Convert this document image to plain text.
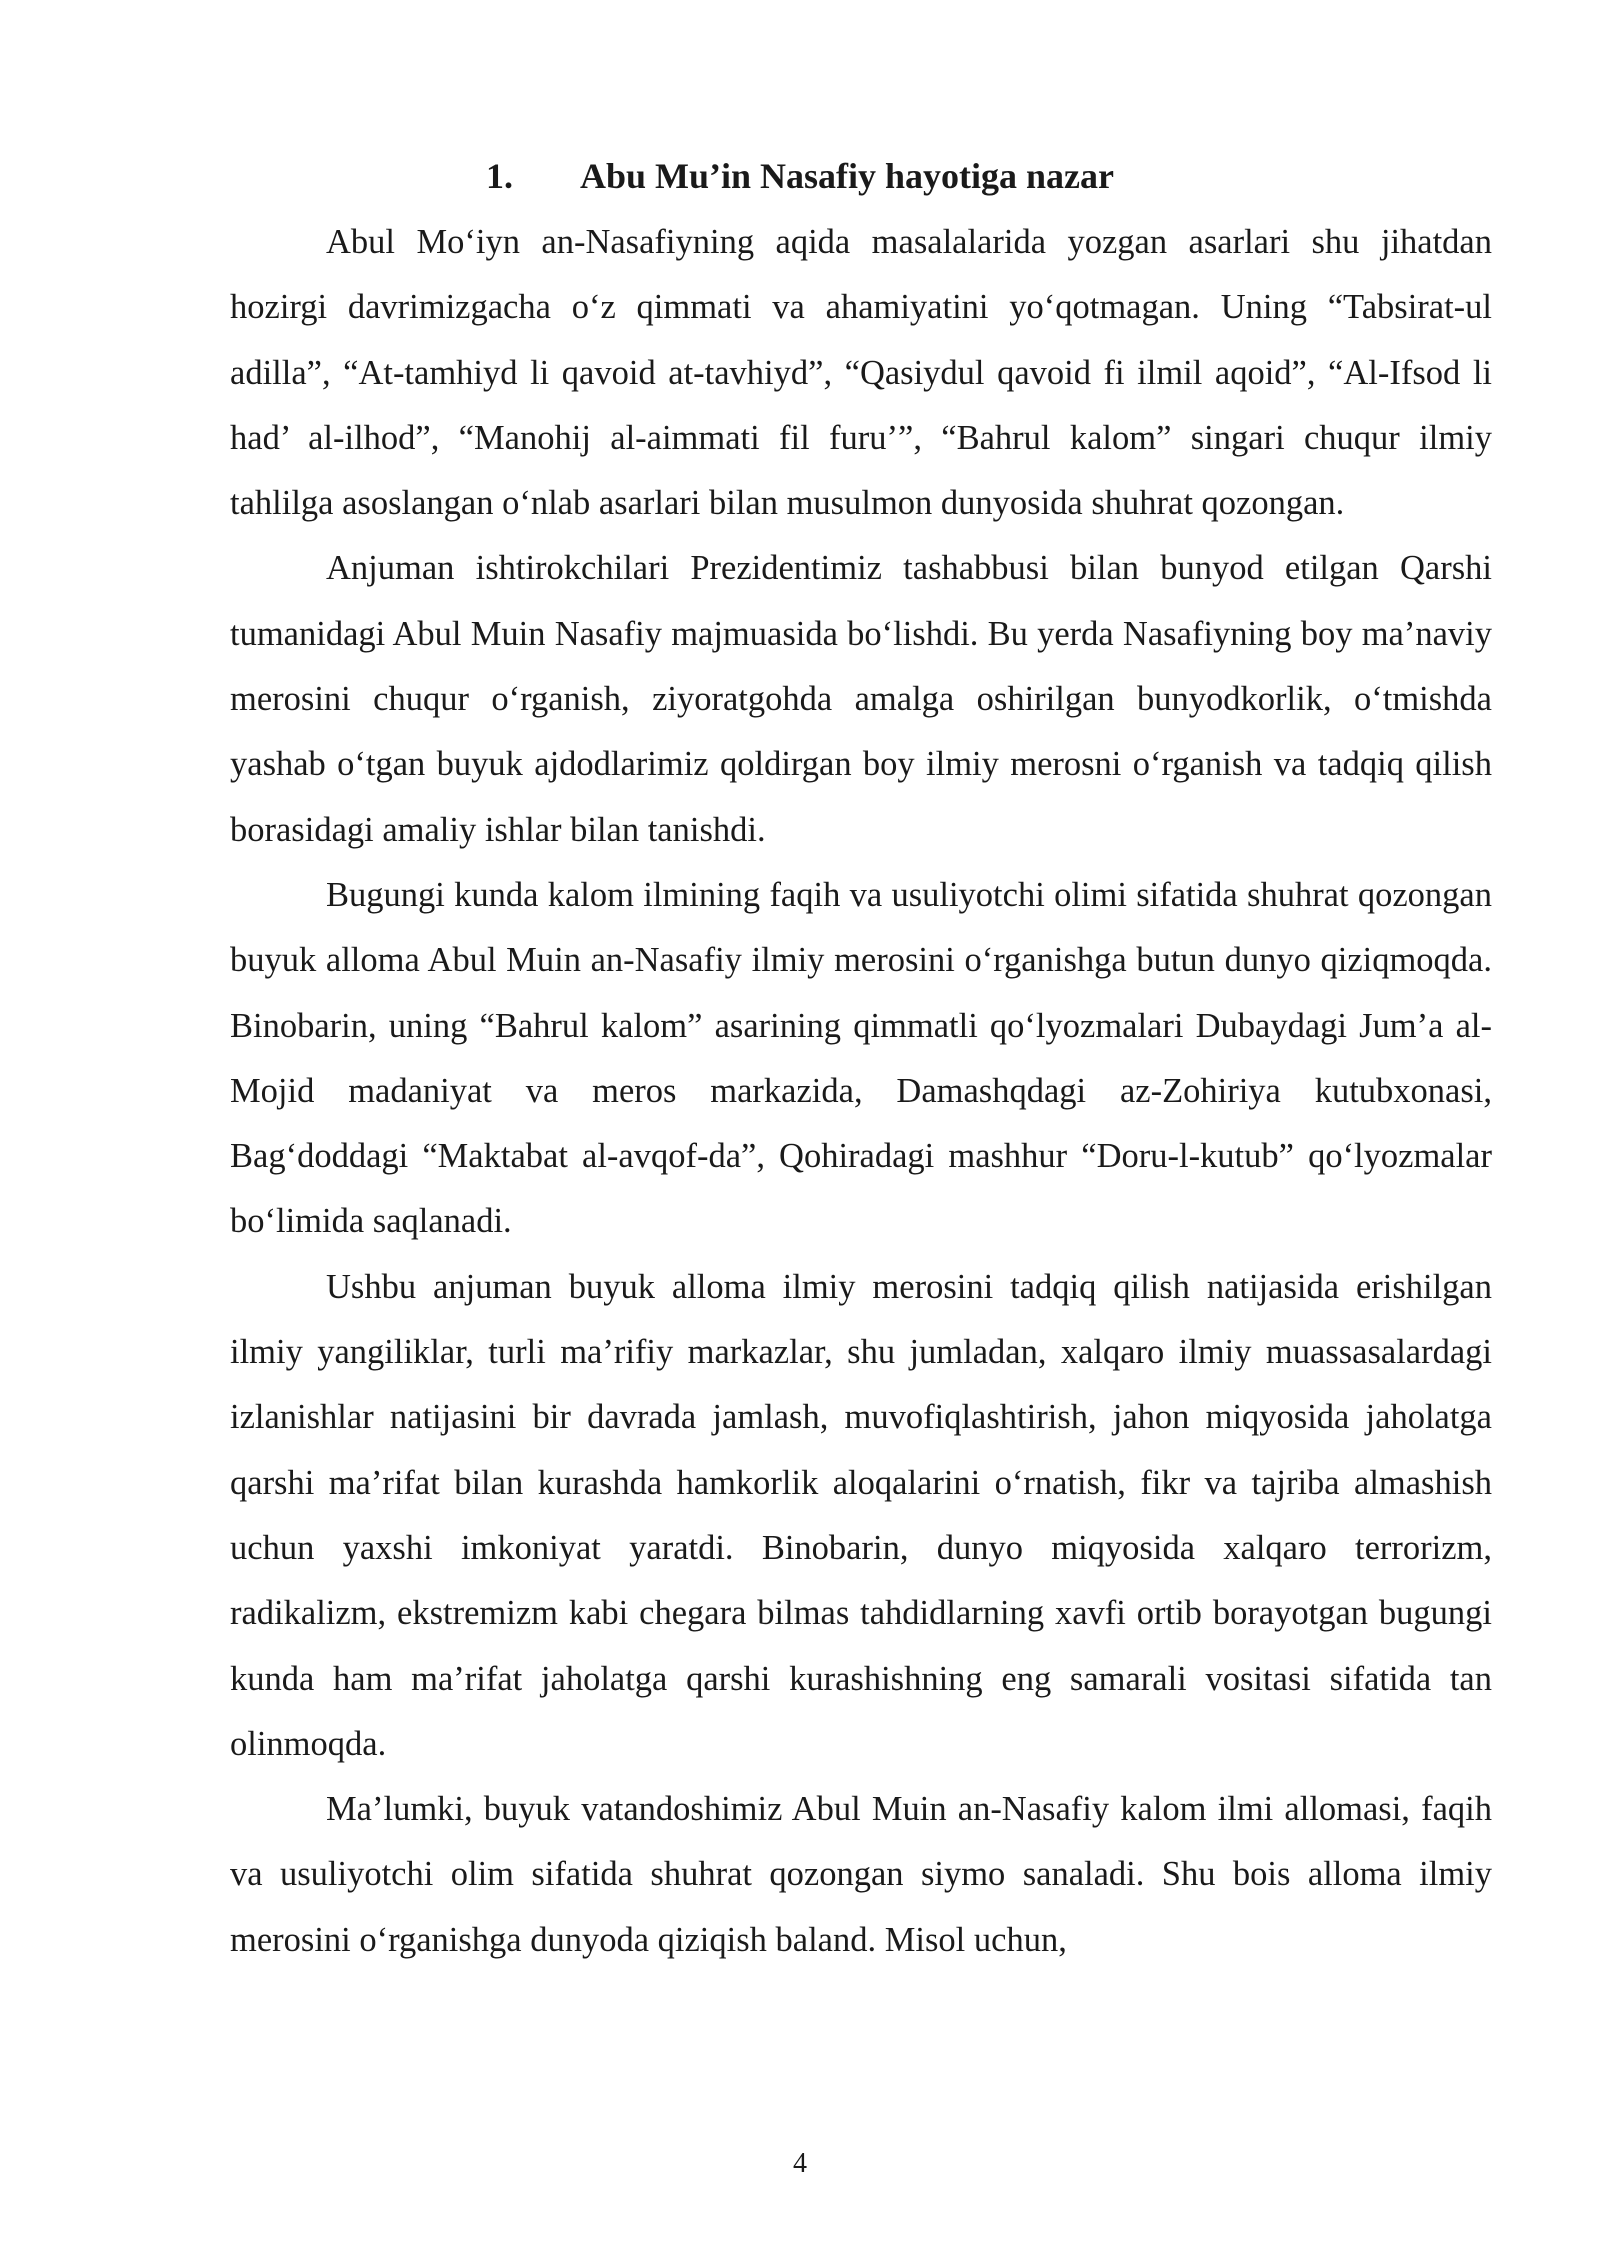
1. Abu Mu’in Nasafiy hayotiga nazar

Abul Mo‘iyn an-Nasafiyning aqida masalalarida yozgan asarlari shu jihatdan hozirgi davrimizgacha o‘z qimmati va ahamiyatini yo‘qotmagan. Uning “Tabsirat-ul adilla”, “At-tamhiyd li qavoid at-tavhiyd”, “Qasiydul qavoid fi ilmil aqoid”, “Al-Ifsod li had’ al-ilhod”, “Manohij al-aimmati fil furu’”, “Bahrul kalom” singari chuqur ilmiy tahlilga asoslangan o‘nlab asarlari bilan musulmon dunyosida shuhrat qozongan.

Anjuman ishtirokchilari Prezidentimiz tashabbusi bilan bunyod etilgan Qarshi tumanidagi Abul Muin Nasafiy majmuasida bo‘lishdi. Bu yerda Nasafiyning boy ma’naviy merosini chuqur o‘rganish, ziyoratgohda amalga oshirilgan bunyodkorlik, o‘tmishda yashab o‘tgan buyuk ajdodlarimiz qoldirgan boy ilmiy merosni o‘rganish va tadqiq qilish borasidagi amaliy ishlar bilan tanishdi.

Bugungi kunda kalom ilmining faqih va usuliyotchi olimi sifatida shuhrat qozongan buyuk alloma Abul Muin an-Nasafiy ilmiy merosini o‘rganishga butun dunyo qiziqmoqda. Binobarin, uning “Bahrul kalom” asarining qimmatli qo‘lyozmalari Dubaydagi Jum’a al-Mojid madaniyat va meros markazida, Damashqdagi az-Zohiriya kutubxonasi, Bag‘doddagi “Maktabat al-avqof-da”, Qohiradagi mashhur “Doru-l-kutub” qo‘lyozmalar bo‘limida saqlanadi.

Ushbu anjuman buyuk alloma ilmiy merosini tadqiq qilish natijasida erishilgan ilmiy yangiliklar, turli ma’rifiy markazlar, shu jumladan, xalqaro ilmiy muassasalardagi izlanishlar natijasini bir davrada jamlash, muvofiqlashtirish, jahon miqyosida jaholatga qarshi ma’rifat bilan kurashda hamkorlik aloqalarini o‘rnatish, fikr va tajriba almashish uchun yaxshi imkoniyat yaratdi. Binobarin, dunyo miqyosida xalqaro terrorizm, radikalizm, ekstremizm kabi chegara bilmas tahdidlarning xavfi ortib borayotgan bugungi kunda ham ma’rifat jaholatga qarshi kurashishning eng samarali vositasi sifatida tan olinmoqda.

Ma’lumki, buyuk vatandoshimiz Abul Muin an-Nasafiy kalom ilmi allomasi, faqih va usuliyotchi olim sifatida shuhrat qozongan siymo sanaladi. Shu bois alloma ilmiy merosini o‘rganishga dunyoda qiziqish baland. Misol uchun,

4
